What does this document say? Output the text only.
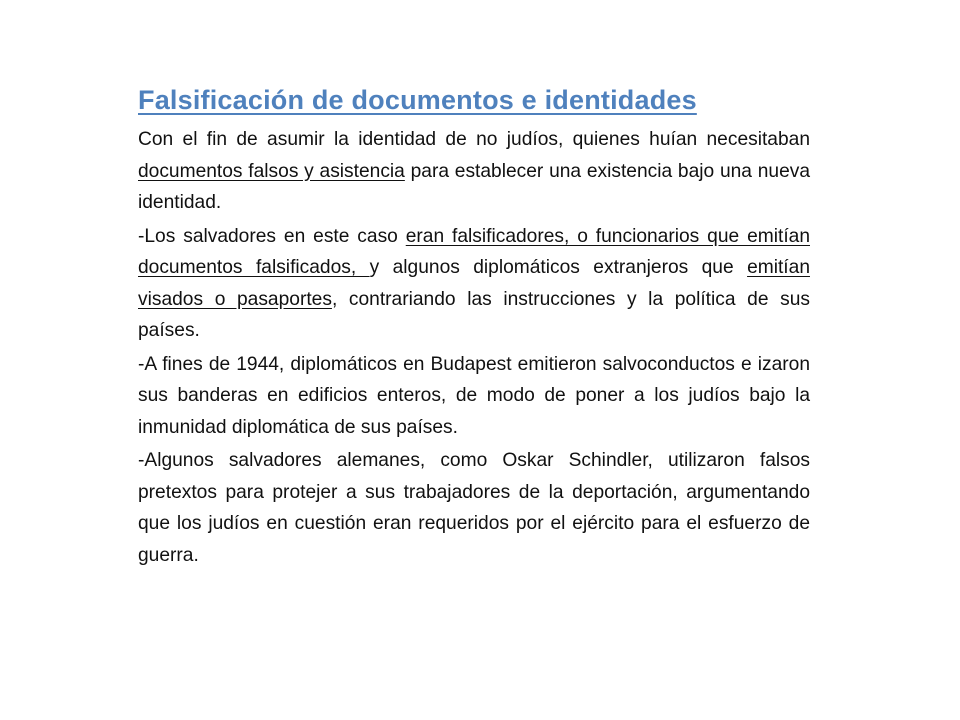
Falsificación de documentos e identidades

Con el fin de asumir la identidad de no judíos, quienes huían necesitaban documentos falsos y asistencia para establecer una existencia bajo una nueva identidad.

-Los salvadores en este caso eran falsificadores, o funcionarios que emitían documentos falsificados, y algunos diplomáticos extranjeros que emitían visados o pasaportes, contrariando las instrucciones y la política de sus países.

-A fines de 1944, diplomáticos en Budapest emitieron salvoconductos e izaron sus banderas en edificios enteros, de modo de poner a los judíos bajo la inmunidad diplomática de sus países.

-Algunos salvadores alemanes, como Oskar Schindler, utilizaron falsos pretextos para protejer a sus trabajadores de la deportación, argumentando que los judíos en cuestión eran requeridos por el ejército para el esfuerzo de guerra.
